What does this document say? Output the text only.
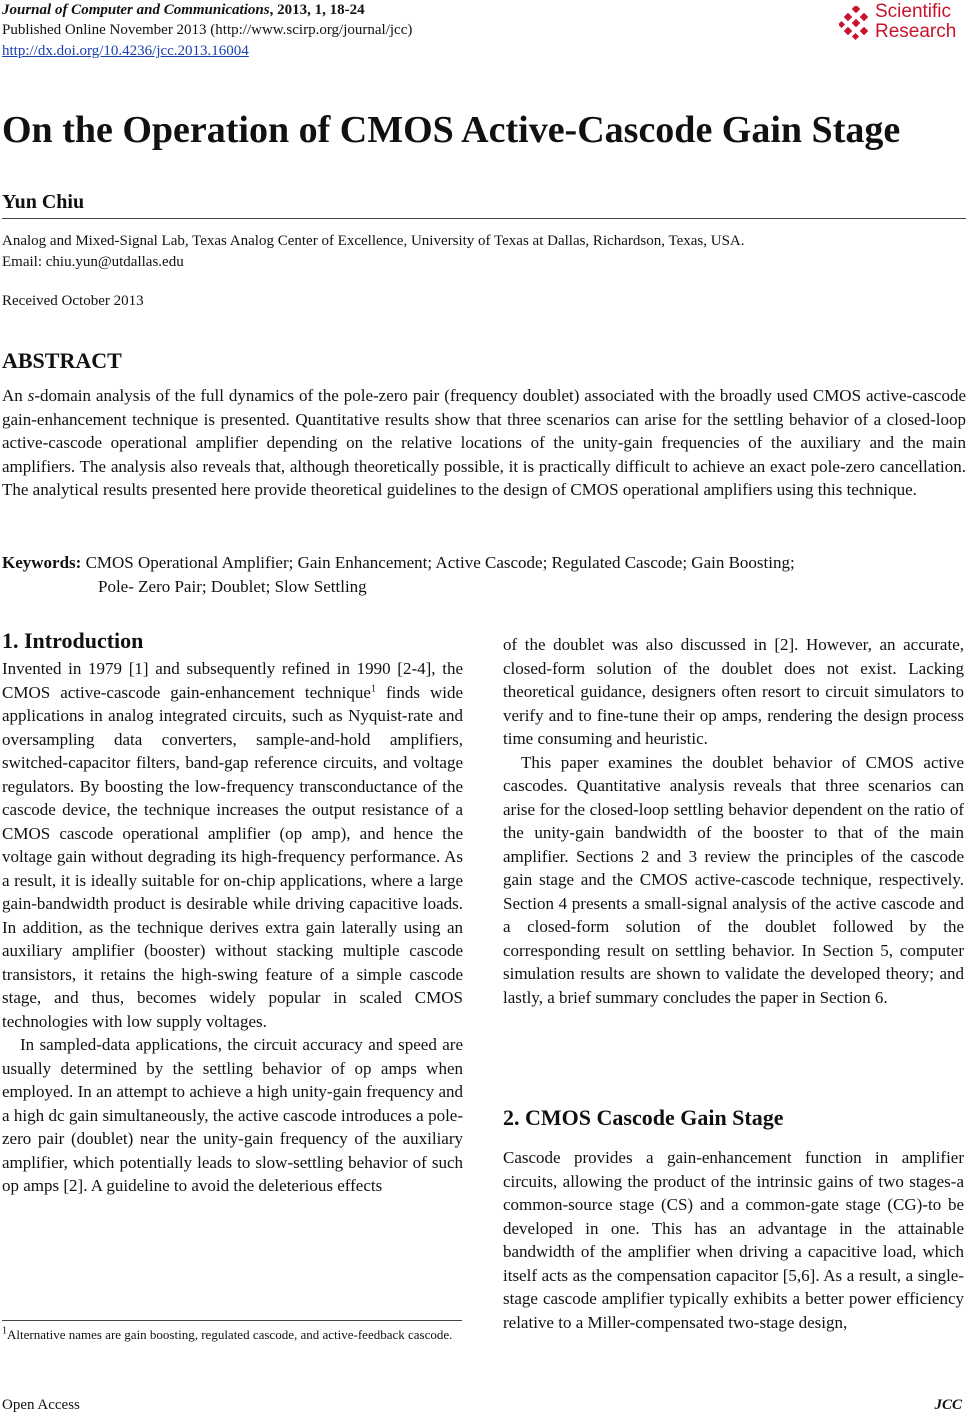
Journal of Computer and Communications, 2013, 1, 18-24
Published Online November 2013 (http://www.scirp.org/journal/jcc)
http://dx.doi.org/10.4236/jcc.2013.16004
Scientific
Research
On the Operation of CMOS Active-Cascode Gain Stage
Yun Chiu
Analog and Mixed-Signal Lab, Texas Analog Center of Excellence, University of Texas at Dallas, Richardson, Texas, USA.
Email: chiu.yun@utdallas.edu
Received October 2013
ABSTRACT
An s-domain analysis of the full dynamics of the pole-zero pair (frequency doublet) associated with the broadly used CMOS active-cascode gain-enhancement technique is presented. Quantitative results show that three scenarios can arise for the settling behavior of a closed-loop active-cascode operational amplifier depending on the relative locations of the unity-gain frequencies of the auxiliary and the main amplifiers. The analysis also reveals that, although theoretically possible, it is practically difficult to achieve an exact pole-zero cancellation. The analytical results presented here provide theoretical guidelines to the design of CMOS operational amplifiers using this technique.
Keywords: CMOS Operational Amplifier; Gain Enhancement; Active Cascode; Regulated Cascode; Gain Boosting;
Pole- Zero Pair; Doublet; Slow Settling
1. Introduction

Invented in 1979 [1] and subsequently refined in 1990 [2-4], the CMOS active-cascode gain-enhancement technique$^1$ finds wide applications in analog integrated circuits, such as Nyquist-rate and oversampling data converters, sample-and-hold amplifiers, switched-capacitor filters, band-gap reference circuits, and voltage regulators. By boosting the low-frequency transconductance of the cascode device, the technique increases the output resistance of a CMOS cascode operational amplifier (op amp), and hence the voltage gain without degrading its high-frequency performance. As a result, it is ideally suitable for on-chip applications, where a large gain-bandwidth product is desirable while driving capacitive loads. In addition, as the technique derives extra gain laterally using an auxiliary amplifier (booster) without stacking multiple cascode transistors, it retains the high-swing feature of a simple cascode stage, and thus, becomes widely popular in scaled CMOS technologies with low supply voltages.

In sampled-data applications, the circuit accuracy and speed are usually determined by the settling behavior of op amps when employed. In an attempt to achieve a high unity-gain frequency and a high dc gain simultaneously, the active cascode introduces a pole-zero pair (doublet) near the unity-gain frequency of the auxiliary amplifier, which potentially leads to slow-settling behavior of such op amps [2]. A guideline to avoid the deleterious effects

$^1$Alternative names are gain boosting, regulated cascode, and active-feedback cascode.

of the doublet was also discussed in [2]. However, an accurate, closed-form solution of the doublet does not exist. Lacking theoretical guidance, designers often resort to circuit simulators to verify and to fine-tune their op amps, rendering the design process time consuming and heuristic.

This paper examines the doublet behavior of CMOS active cascodes. Quantitative analysis reveals that three scenarios can arise for the closed-loop settling behavior dependent on the ratio of the unity-gain bandwidth of the booster to that of the main amplifier. Sections 2 and 3 review the principles of the cascode gain stage and the CMOS active-cascode technique, respectively. Section 4 presents a small-signal analysis of the active cascode and a closed-form solution of the doublet followed by the corresponding result on settling behavior. In Section 5, computer simulation results are shown to validate the developed theory; and lastly, a brief summary concludes the paper in Section 6.

2. CMOS Cascode Gain Stage

Cascode provides a gain-enhancement function in amplifier circuits, allowing the product of the intrinsic gains of two stages-a common-source stage (CS) and a common-gate stage (CG)-to be developed in one. This has an advantage in the attainable bandwidth of the amplifier when driving a capacitive load, which itself acts as the compensation capacitor [5,6]. As a result, a single-stage cascode amplifier typically exhibits a better power efficiency relative to a Miller-compensated two-stage design,

Open Access	JCC
